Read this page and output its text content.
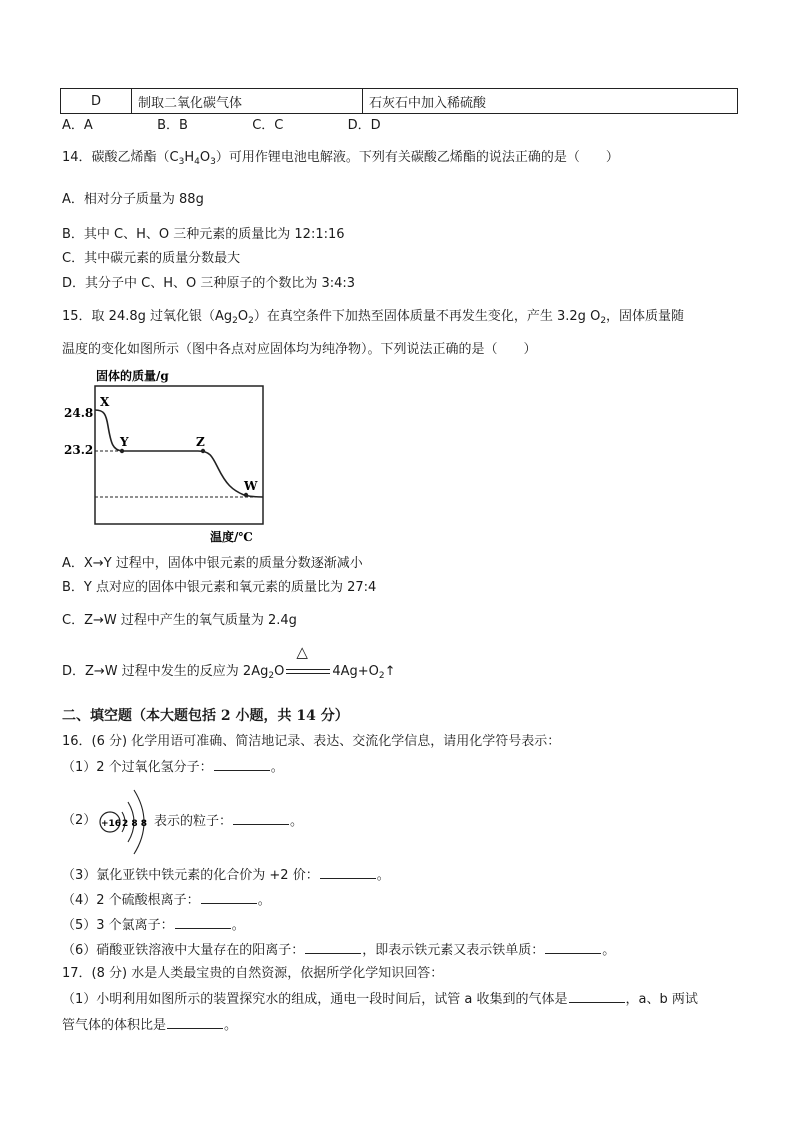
D	制取二氧化碳气体	石灰石中加入稀硫酸
A．A	B．B	C．C	D．D
14．碳酸乙烯酯$(C_3H_4O_3)$可用作锂电池电解液。下列有关碳酸乙烯酯的说法正确的是（　　）
A．相对分子质量为 88g
B．其中 C、H、O 三种元素的质量比为 12:1:16
C．其中碳元素的质量分数最大
D．其分子中 C、H、O 三种原子的个数比为 3:4:3
15．取 24.8g 过氧化银$(Ag_2O_2)$在真空条件下加热至固体质量不再发生变化，产生 3.2g $O_2$，固体质量随
温度的变化如图所示（图中各点对应固体均为纯净物）。下列说法正确的是（　　）
固体的质量/g
温度/℃
24.8
23.2
X
Y	Z
W
A．X→Y 过程中，固体中银元素的质量分数逐渐减小
B．Y 点对应的固体中银元素和氧元素的质量比为 27:4
C．Z→W 过程中产生的氧气质量为 2.4g
D．Z→W 过程中发生的反应为 $2Ag_2O$
△
$4Ag+O_2↑$
二、填空题（本大题包括 2 小题，共 14 分）
16．(6 分) 化学用语可准确、简洁地记录、表达、交流化学信息，请用化学符号表示：
（1）2 个过氧化氢分子：	。
（2） +16 2 8 8 表示的粒子：	。
（3）氯化亚铁中铁元素的化合价为 +2 价：	。
（4）2 个硫酸根离子：	。
（5）3 个氯离子：	。
（6）硝酸亚铁溶液中大量存在的阳离子：	，即表示铁元素又表示铁单质：	。
17．(8 分) 水是人类最宝贵的自然资源，依据所学化学知识回答：
（1）小明利用如图所示的装置探究水的组成，通电一段时间后，试管 a 收集到的气体是	，a、b 两试
管气体的体积比是	。
